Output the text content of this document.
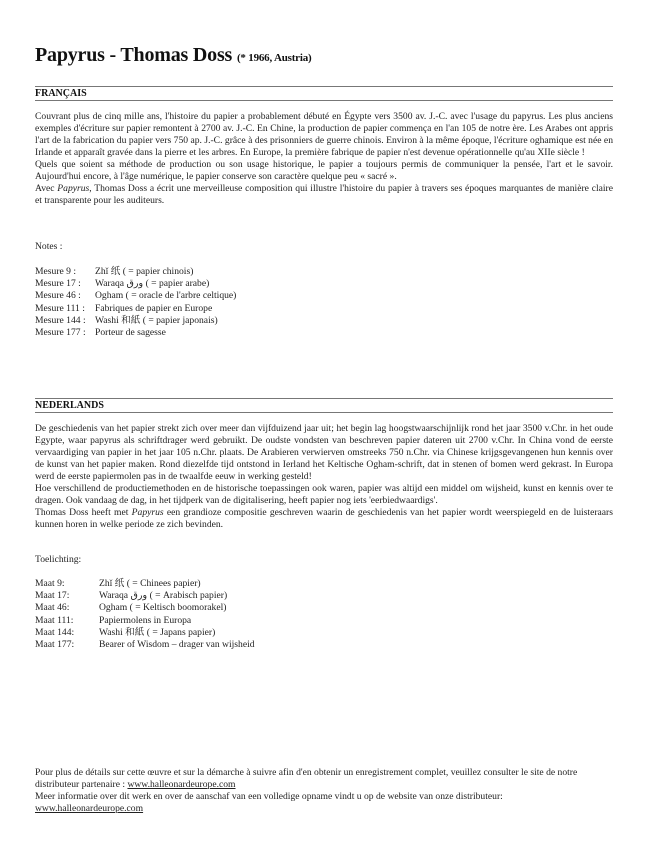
Papyrus - Thomas Doss (* 1966, Austria)
FRANÇAIS

Couvrant plus de cinq mille ans, l'histoire du papier a probablement débuté en Égypte vers 3500 av. J.-C. avec l'usage du papyrus. Les plus anciens exemples d'écriture sur papier remontent à 2700 av. J.-C. En Chine, la production de papier commença en l'an 105 de notre ère. Les Arabes ont appris l'art de la fabrication du papier vers 750 ap. J.-C. grâce à des prisonniers de guerre chinois. Environ à la même époque, l'écriture oghamique est née en Irlande et apparaît gravée dans la pierre et les arbres. En Europe, la première fabrique de papier n'est devenue opérationnelle qu'au XIIe siècle !

Quels que soient sa méthode de production ou son usage historique, le papier a toujours permis de communiquer la pensée, l'art et le savoir. Aujourd'hui encore, à l'âge numérique, le papier conserve son caractère quelque peu « sacré ».

Avec Papyrus, Thomas Doss a écrit une merveilleuse composition qui illustre l'histoire du papier à travers ses époques marquantes de manière claire et transparente pour les auditeurs.

Notes :
Mesure 9 :	Zhǐ 纸 ( = papier chinois)
Mesure 17 :	Waraqa ورق ( = papier arabe)
Mesure 46 :	Ogham ( = oracle de l'arbre celtique)
Mesure 111 :	Fabriques de papier en Europe
Mesure 144 : Washi 和紙 ( = papier japonais)
Mesure 177 : Porteur de sagesse
NEDERLANDS

De geschiedenis van het papier strekt zich over meer dan vijfduizend jaar uit; het begin lag hoogstwaarschijnlijk rond het jaar 3500 v.Chr. in het oude Egypte, waar papyrus als schriftdrager werd gebruikt. De oudste vondsten van beschreven papier dateren uit 2700 v.Chr. In China vond de eerste vervaardiging van papier in het jaar 105 n.Chr. plaats. De Arabieren verwierven omstreeks 750 n.Chr. via Chinese krijgsgevangenen hun kennis over de kunst van het papier maken. Rond diezelfde tijd ontstond in Ierland het Keltische Ogham-schrift, dat in stenen of bomen werd gekrast. In Europa werd de eerste papiermolen pas in de twaalfde eeuw in werking gesteld!

Hoe verschillend de productiemethoden en de historische toepassingen ook waren, papier was altijd een middel om wijsheid, kunst en kennis over te dragen. Ook vandaag de dag, in het tijdperk van de digitalisering, heeft papier nog iets 'eerbiedwaardigs'.

Thomas Doss heeft met Papyrus een grandioze compositie geschreven waarin de geschiedenis van het papier wordt weerspiegeld en de luisteraars kunnen horen in welke periode ze zich bevinden.

Toelichting:
Maat 9:	Zhǐ 纸 ( = Chinees papier)
Maat 17:	Waraqa ورق ( = Arabisch papier)
Maat 46:	Ogham ( = Keltisch boomorakel)
Maat 111:	Papiermolens in Europa
Maat 144:	Washi 和紙 ( = Japans papier)
Maat 177:	Bearer of Wisdom – drager van wijsheid

Pour plus de détails sur cette œuvre et sur la démarche à suivre afin d'en obtenir un enregistrement complet, veuillez consulter le site de notre distributeur partenaire : www.halleonardeurope.com

Meer informatie over dit werk en over de aanschaf van een volledige opname vindt u op de website van onze distributeur:

www.halleonardeurope.com
